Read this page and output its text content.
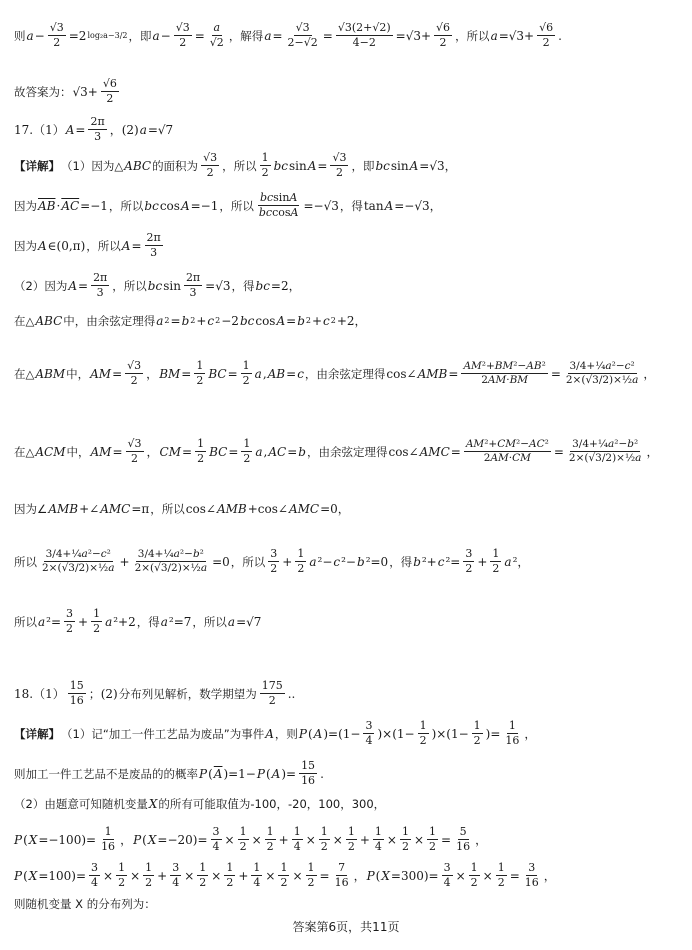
则 $a - \frac{√3}{2} =2$ log₂a−3/2 ，即 $a - \frac{√3}{2} = \frac{a}{√2}$ ，解得 $a = \frac{√3}{2-√2} = \frac{√3(2+√2)}{4-2} =√3+ \frac{√6}{2}$ ，所以 $a =√3+ \frac{√6}{2}$ .
故答案为： $√3+ \frac{√6}{2}$
17.（1） $A = \frac{2\pi}{3}$ ，(2) a =√7
【详解】 （1）因为△ ABC 的面积为 $\frac{√3}{2}$ ，所以 $\frac{1}{2}$ bc $\sin A = \frac{√3}{2}$ ，即 bc sin A =√3，
因为 $\overline{AB} \cdot \overline{AC} =-1$ ，所以 bc cos A =−1 ，所以 $\frac{bcsinA}{bccosA} =-√3$ ，得 tan A =−√3，
因为 A ∈(0,π) ，所以 $A = \frac{2\pi}{3}$
（2）因为 $A = \frac{2\pi}{3}$ ，所以 bc $\sin \frac{2\pi}{3} =√3$ ，得 bc =2，
在△ ABC 中，由余弦定理得 a 2 = b 2 + c 2 −2 bc cos A = b 2 + c 2 +2，
在△ ABM 中， AM = $\frac{√3}{2}$ ， BM = $\frac{1}{2}$ BC = $\frac{1}{2}$ a , AB = c ，由余弦定理得 cos∠ AMB = $\frac{\text{AM²+BM²−AB²}}{2AM\cdot BM} = \frac{\text{3/4+¼a²−c²}}{\text{2×(√3/2)×½a}}$ ，
在△ ACM 中， AM = $\frac{√3}{2}$ ， CM = $\frac{1}{2}$ BC = $\frac{1}{2}$ a , AC = b ，由余弦定理得 cos∠ AMC = $\frac{\text{AM²+CM²−AC²}}{2AM\cdot CM} = \frac{\text{3/4+¼a²−b²}}{\text{2×(√3/2)×½a}}$ ，
因为∠ AMB +∠ AMC =π ，所以 cos∠ AMB +cos∠ AMC =0，
所以 $\frac{\text{3/4+¼a²−c²}}{\text{2×(√3/2)×½a}} + \frac{\text{3/4+¼a²−b²}}{\text{2×(√3/2)×½a}} =0$ ，所以 $\frac{3}{2} + \frac{1}{2}$ a ²− c ²− b ²=0 ，得 b ²+ c $^2= \frac{3}{2} + \frac{1}{2}$ a ²，
所以 a $^2= \frac{3}{2} + \frac{1}{2}$ a ²+2 ，得 a ²=7 ，所以 a =√7
$18.(1) \frac{15}{16}$ ；(2) 分布列见解析，数学期望为 $\frac{175}{2}$ ..
【详解】 （1）记“加工一件工艺品为废品”为事件 A ，则 P ( A )$=(1- \frac{3}{4} )\times(1- \frac{1}{2} )\times(1- \frac{1}{2}$ )= $\frac{1}{16}$ ，
则加工一件工艺品不是废品的的概率 P ( $\overline{A}$ )=1− P ( A )= $\frac{15}{16}$ .
（2）由题意可知随机变量 X 的所有可能取值为-100，-20，100，300，
P ( $X =-100)= \frac{1}{16}$ ， P ( $X =-20)= \frac{3}{4} \times \frac{1}{2} \times \frac{1}{2} + \frac{1}{4} \times \frac{1}{2} \times \frac{1}{2} + \frac{1}{4} \times \frac{1}{2} \times \frac{1}{2} = \frac{5}{16}$ ，
P ( $X =100)= \frac{3}{4} \times \frac{1}{2} \times \frac{1}{2} + \frac{3}{4} \times \frac{1}{2} \times \frac{1}{2} + \frac{1}{4} \times \frac{1}{2} \times \frac{1}{2} = \frac{7}{16}$ ， P ( $X =300)= \frac{3}{4} \times \frac{1}{2} \times \frac{1}{2} = \frac{3}{16}$ ，
则随机变量 X 的分布列为：
答案第6页，共11页
